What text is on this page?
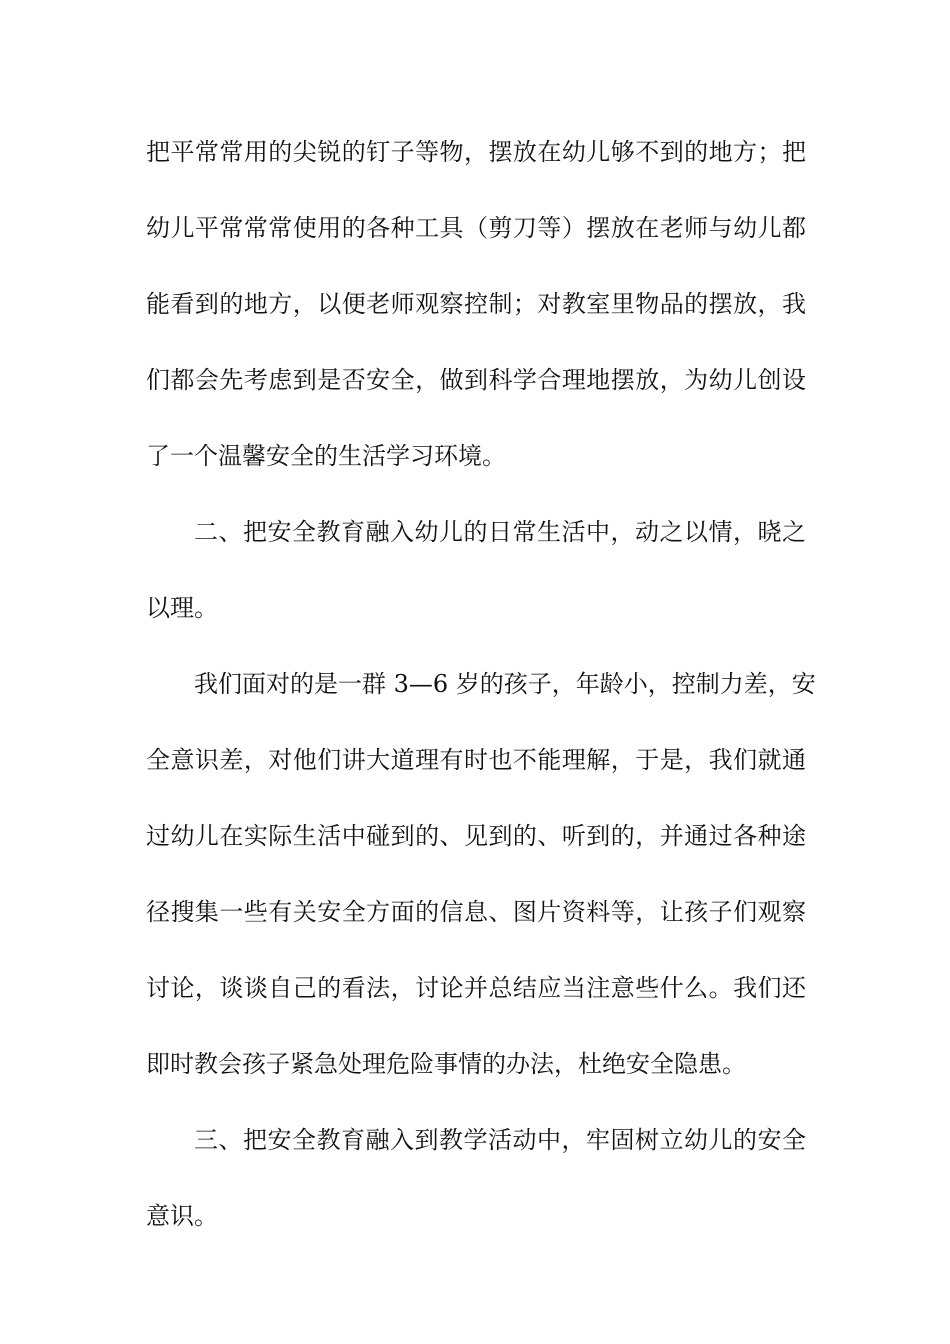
把平常常用的尖锐的钉子等物，摆放在幼儿够不到的地方；把
幼儿平常常常使用的各种工具（剪刀等）摆放在老师与幼儿都
能看到的地方，以便老师观察控制；对教室里物品的摆放，我
们都会先考虑到是否安全，做到科学合理地摆放，为幼儿创设
了一个温馨安全的生活学习环境。
二、把安全教育融入幼儿的日常生活中，动之以情，晓之
以理。
我们面对的是一群 3—6 岁的孩子，年龄小，控制力差，安
全意识差，对他们讲大道理有时也不能理解，于是，我们就通
过幼儿在实际生活中碰到的、见到的、听到的，并通过各种途
径搜集一些有关安全方面的信息、图片资料等，让孩子们观察
讨论，谈谈自己的看法，讨论并总结应当注意些什么。我们还
即时教会孩子紧急处理危险事情的办法，杜绝安全隐患。
三、把安全教育融入到教学活动中，牢固树立幼儿的安全
意识。
